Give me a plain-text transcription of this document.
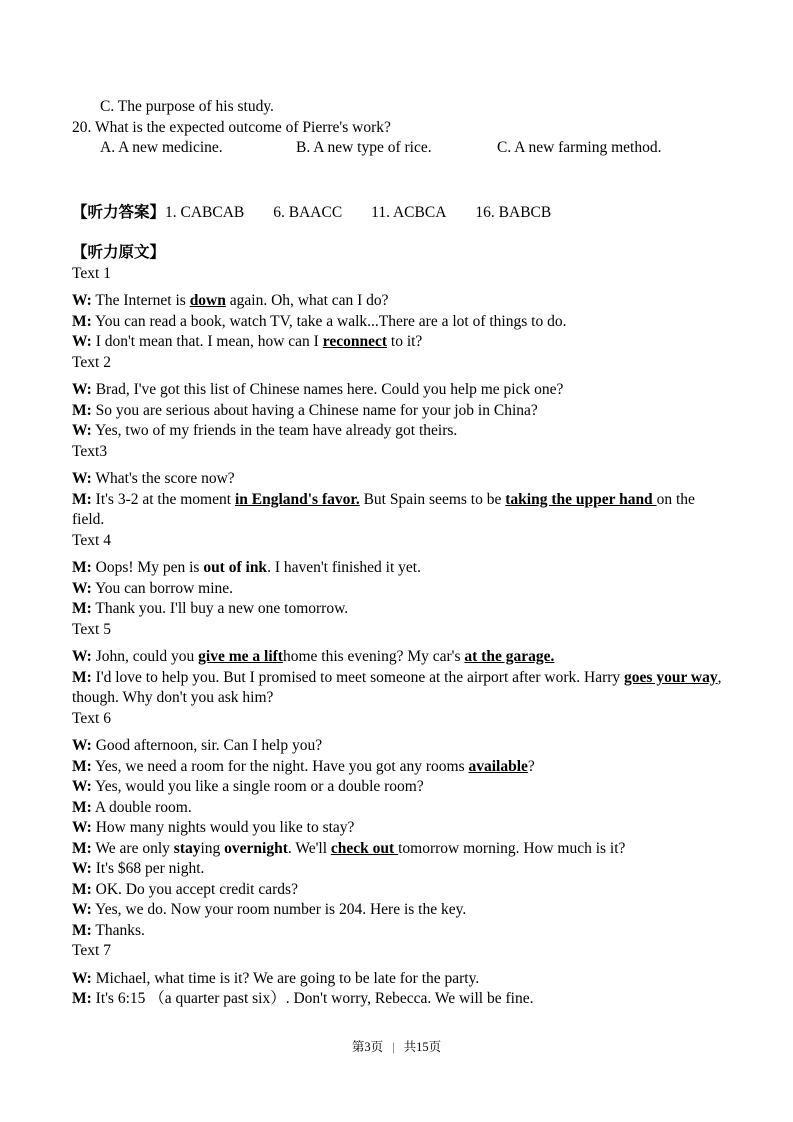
C. The purpose of his study.
20. What is the expected outcome of Pierre's work?
A. A new medicine.	B. A new type of rice.	C. A new farming method.
【听力答案】1. CABCAB 6. BAACC 11. ACBCA 16. BABCB
【听力原文】
Text 1
W: The Internet is down again. Oh, what can I do?
M: You can read a book, watch TV, take a walk...There are a lot of things to do.
W: I don't mean that. I mean, how can I reconnect to it?
Text 2
W: Brad, I've got this list of Chinese names here. Could you help me pick one?
M: So you are serious about having a Chinese name for your job in China?
W: Yes, two of my friends in the team have already got theirs.
Text3
W: What's the score now?
M: It's 3-2 at the moment in England's favor. But Spain seems to be taking the upper hand on the field.
Text 4
M: Oops! My pen is out of ink. I haven't finished it yet.
W: You can borrow mine.
M: Thank you. I'll buy a new one tomorrow.
Text 5
W: John, could you give me a lifthome this evening? My car's at the garage.
M: I'd love to help you. But I promised to meet someone at the airport after work. Harry goes your way, though. Why don't you ask him?
Text 6
W: Good afternoon, sir. Can I help you?
M: Yes, we need a room for the night. Have you got any rooms available?
W: Yes, would you like a single room or a double room?
M: A double room.
W: How many nights would you like to stay?
M: We are only staying overnight. We'll check out tomorrow morning. How much is it?
W: It's $68 per night.
M: OK. Do you accept credit cards?
W: Yes, we do. Now your room number is 204. Here is the key.
M: Thanks.
Text 7
W: Michael, what time is it? We are going to be late for the party.
M: It's 6:15 （a quarter past six）. Don't worry, Rebecca. We will be fine.
第3页 | 共15页
